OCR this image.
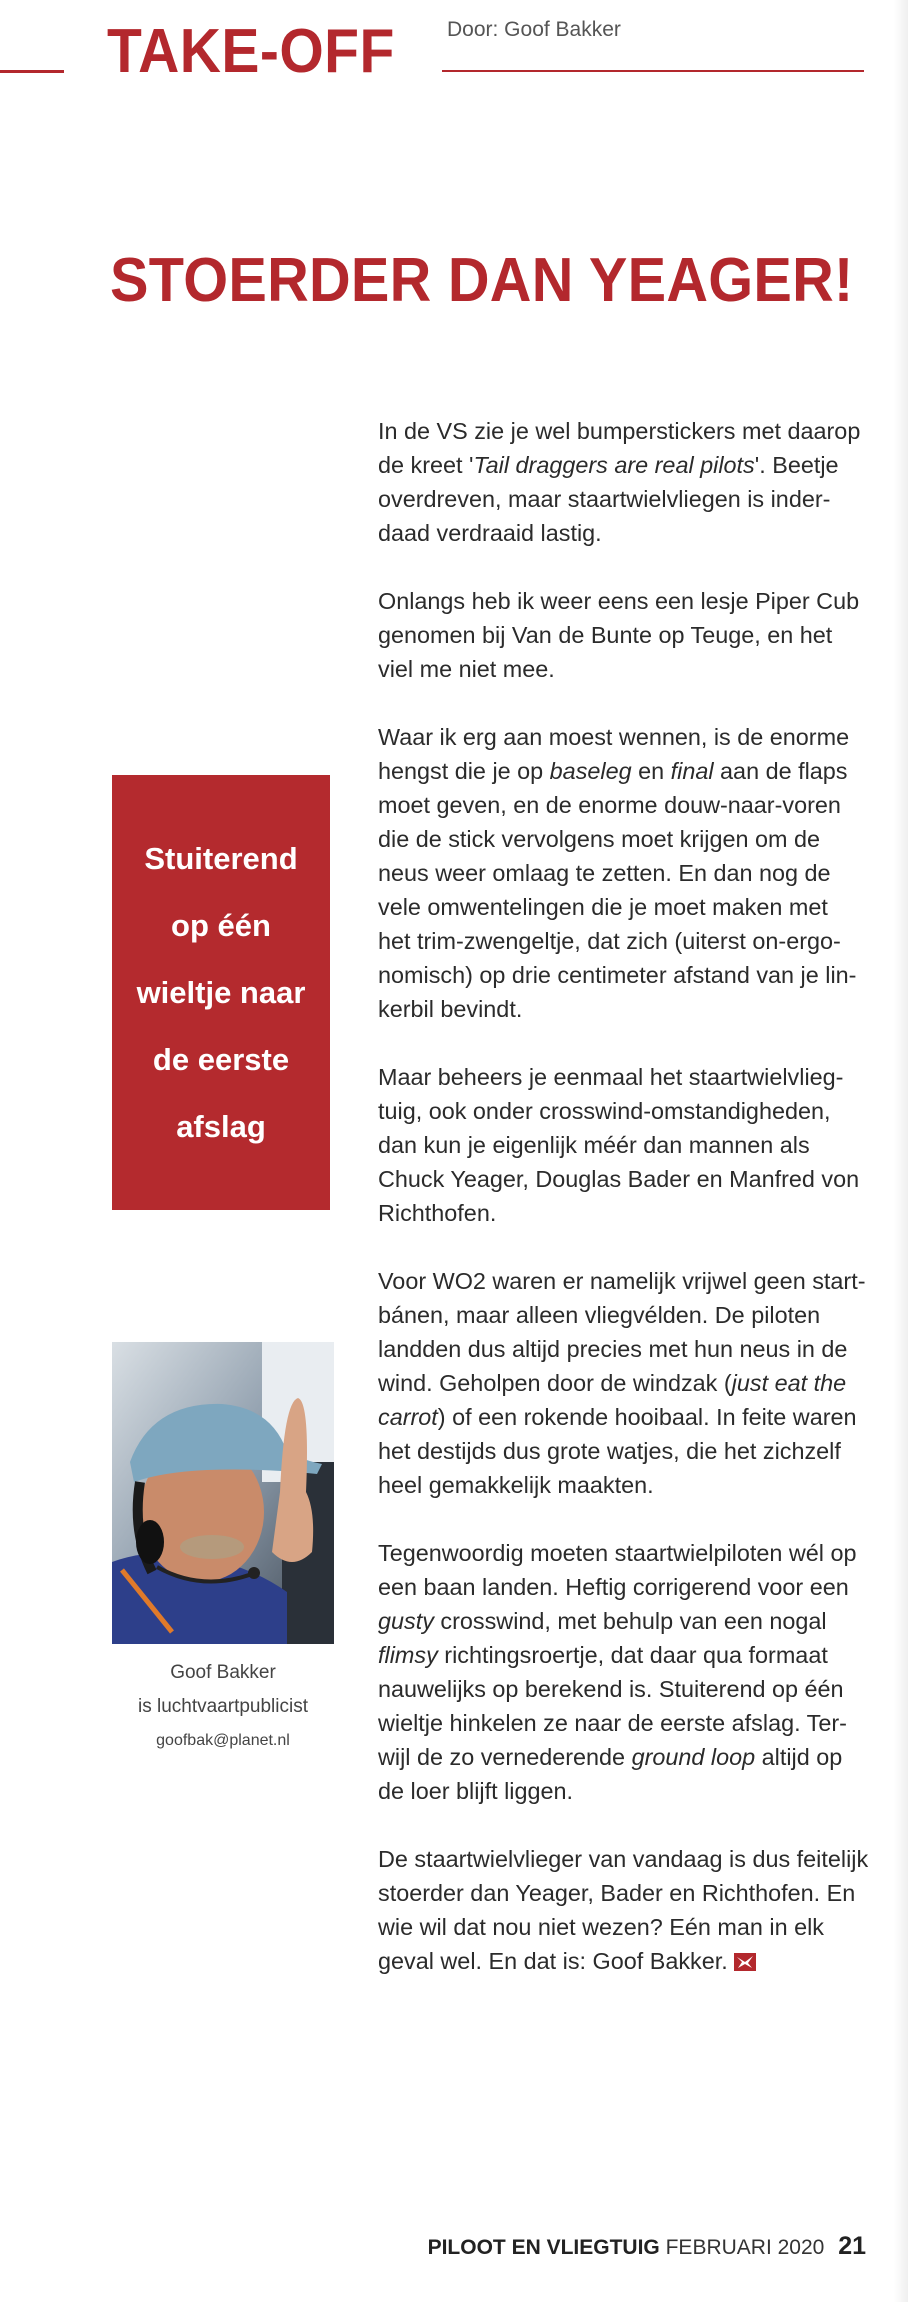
TAKE-OFF Door: Goof Bakker
STOERDER DAN YEAGER!

In de VS zie je wel bumperstickers met daarop
de kreet 'Tail draggers are real pilots'. Beetje
overdreven, maar staartwielvliegen is inder-
daad verdraaid lastig.

Onlangs heb ik weer eens een lesje Piper Cub
genomen bij Van de Bunte op Teuge, en het
viel me niet mee.

Waar ik erg aan moest wennen, is de enorme
hengst die je op baseleg en final aan de flaps
moet geven, en de enorme douw-naar-voren
die de stick vervolgens moet krijgen om de
neus weer omlaag te zetten. En dan nog de
vele omwentelingen die je moet maken met
het trim-zwengeltje, dat zich (uiterst on-ergo-
nomisch) op drie centimeter afstand van je lin-
kerbil bevindt.

Maar beheers je eenmaal het staartwielvlieg-
tuig, ook onder crosswind-omstandigheden,
dan kun je eigenlijk méér dan mannen als
Chuck Yeager, Douglas Bader en Manfred von
Richthofen.

Voor WO2 waren er namelijk vrijwel geen start-
bánen, maar alleen vliegvélden. De piloten
landden dus altijd precies met hun neus in de
wind. Geholpen door de windzak (just eat the
carrot) of een rokende hooibaal. In feite waren
het destijds dus grote watjes, die het zichzelf
heel gemakkelijk maakten.

Tegenwoordig moeten staartwielpiloten wél op
een baan landen. Heftig corrigerend voor een
gusty crosswind, met behulp van een nogal
flimsy richtingsroertje, dat daar qua formaat
nauwelijks op berekend is. Stuiterend op één
wieltje hinkelen ze naar de eerste afslag. Ter-
wijl de zo vernederende ground loop altijd op
de loer blijft liggen.

De staartwielvlieger van vandaag is dus feitelijk
stoerder dan Yeager, Bader en Richthofen. En
wie wil dat nou niet wezen? Eén man in elk
geval wel. En dat is: Goof Bakker.

Stuiterend
op één
wieltje naar
de eerste
afslag
Goof Bakker
is luchtvaartpublicist
goofbak@planet.nl
PILOOT EN VLIEGTUIG FEBRUARI 2020 21
